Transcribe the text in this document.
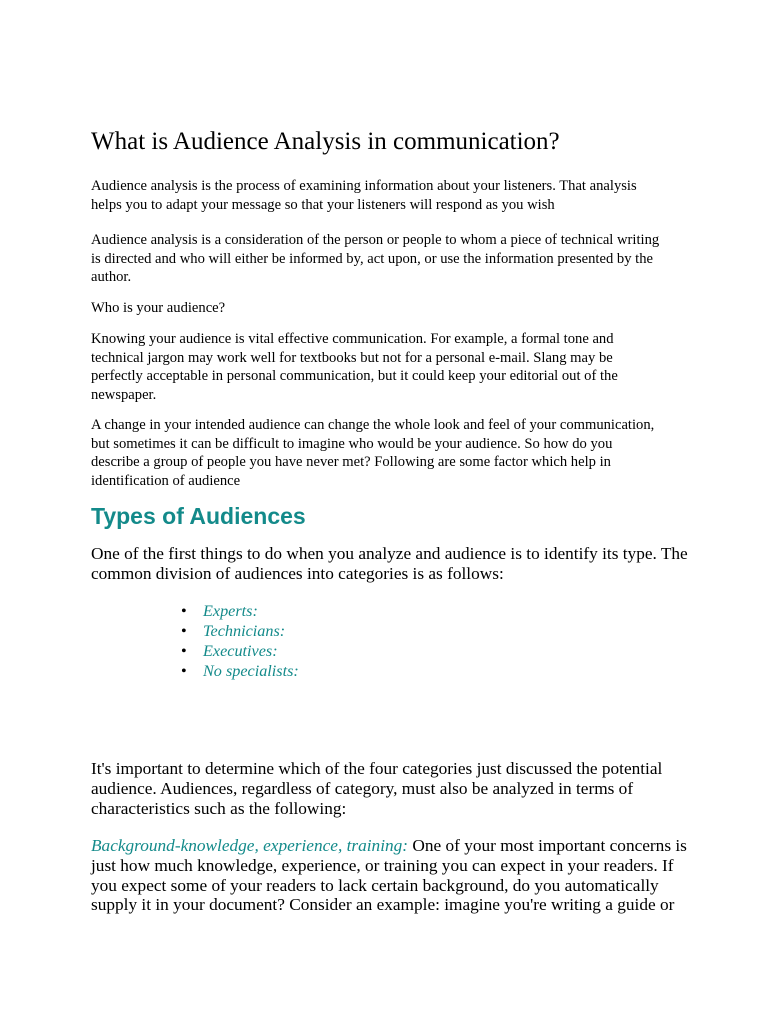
What is Audience Analysis in communication?

Audience analysis is the process of examining information about your listeners. That analysis
helps you to adapt your message so that your listeners will respond as you wish

Audience analysis is a consideration of the person or people to whom a piece of technical writing
is directed and who will either be informed by, act upon, or use the information presented by the
author.

Who is your audience?

Knowing your audience is vital effective communication. For example, a formal tone and
technical jargon may work well for textbooks but not for a personal e-mail. Slang may be
perfectly acceptable in personal communication, but it could keep your editorial out of the
newspaper.

A change in your intended audience can change the whole look and feel of your communication,
but sometimes it can be difficult to imagine who would be your audience. So how do you
describe a group of people you have never met? Following are some factor which help in
identification of audience

Types of Audiences

One of the first things to do when you analyze and audience is to identify its type. The
common division of audiences into categories is as follows:

• Experts:
• Technicians:
• Executives:
• No specialists:

It's important to determine which of the four categories just discussed the potential
audience. Audiences, regardless of category, must also be analyzed in terms of
characteristics such as the following:

Background-knowledge, experience, training: One of your most important concerns is
just how much knowledge, experience, or training you can expect in your readers. If
you expect some of your readers to lack certain background, do you automatically
supply it in your document? Consider an example: imagine you're writing a guide or
